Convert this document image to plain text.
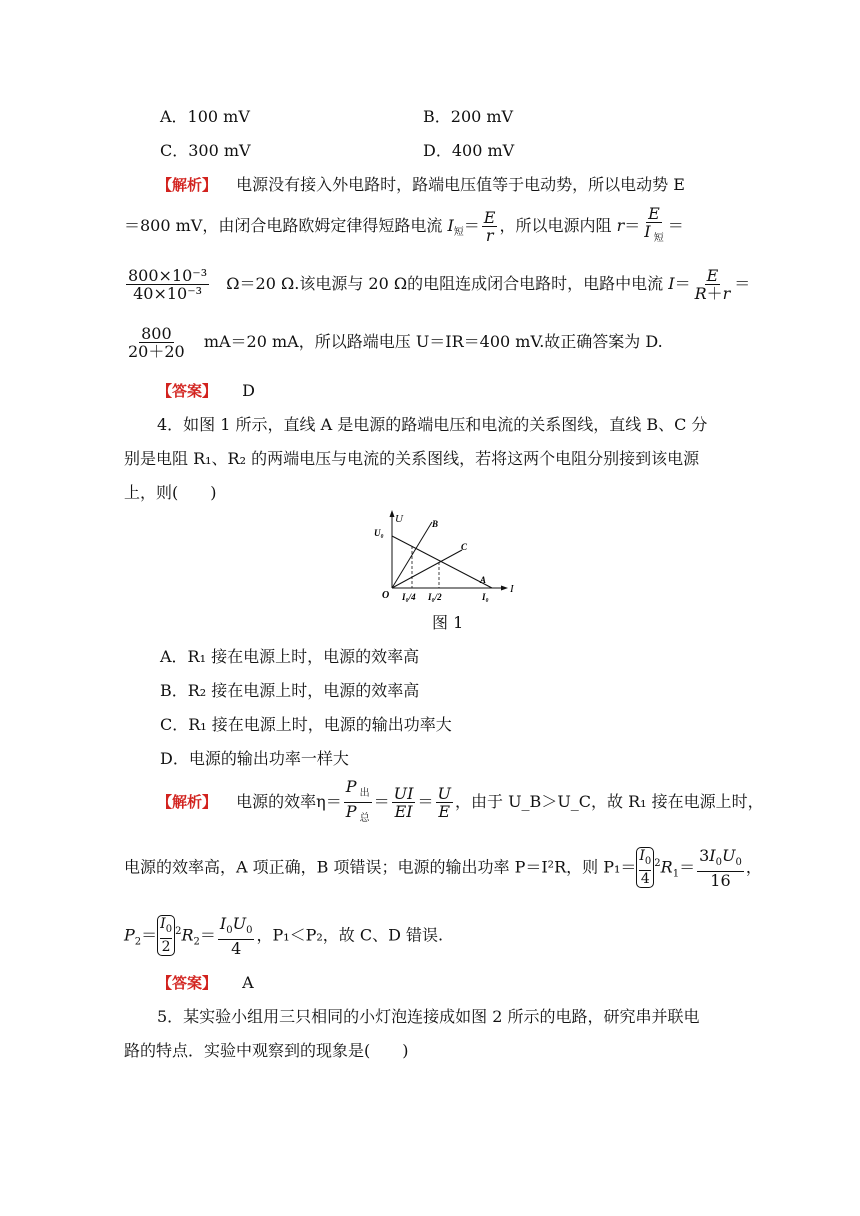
A．100 mV	B．200 mV
C．300 mV	D．400 mV
【解析】 电源没有接入外电路时，路端电压值等于电动势，所以电动势 E
＝800 mV，由闭合电路欧姆定律得短路电流 $I_短= \frac{E}{r}$ ，所以电源内阻 $r= \frac{E}{I _短}$ ＝
$\frac{\text{800×10⁻³}}{\text{40×10⁻³}} \Omega=20$ Ω.该电源与 20 Ω的电阻连成闭合电路时，电路中电流 $I= \frac{E}{R+r}$ ＝
$\frac{800}{20+20} mA=20$ mA，所以路端电压 U＝IR＝400 mV.故正确答案为 D.
【答案】 D
4．如图 1 所示，直线 A 是电源的路端电压和电流的关系图线，直线 B、C 分
别是电阻 R₁、R₂ 的两端电压与电流的关系图线，若将这两个电阻分别接到该电源
上，则(　　)
U
I
O
U₀
I₀
I₀/4 I₀/2
A
B
C
图 1
A．R₁ 接在电源上时，电源的效率高
B．R₂ 接在电源上时，电源的效率高
C．R₁ 接在电源上时，电源的输出功率大
D．电源的输出功率一样大
【解析】 电源的效率$\eta= \frac{P _出}{P _总} = \frac{UI}{EI} = \frac{U}{E}$ ，由于 U_B＞U_C，故 R₁ 接在电源上时，
电源的效率高，A 项正确，B 项错误；电源的输出功率 P＝I²R，则 P₁＝
$I_0$
$4^2R_1= \frac{3I_0U_0}{16}$ ，
$P_2=$
$I_0$
$2^2R_2= \frac{I_0U_0}{4}$ ，P₁＜P₂，故 C、D 错误.
【答案】 A
5．某实验小组用三只相同的小灯泡连接成如图 2 所示的电路，研究串并联电
路的特点．实验中观察到的现象是(　　)
